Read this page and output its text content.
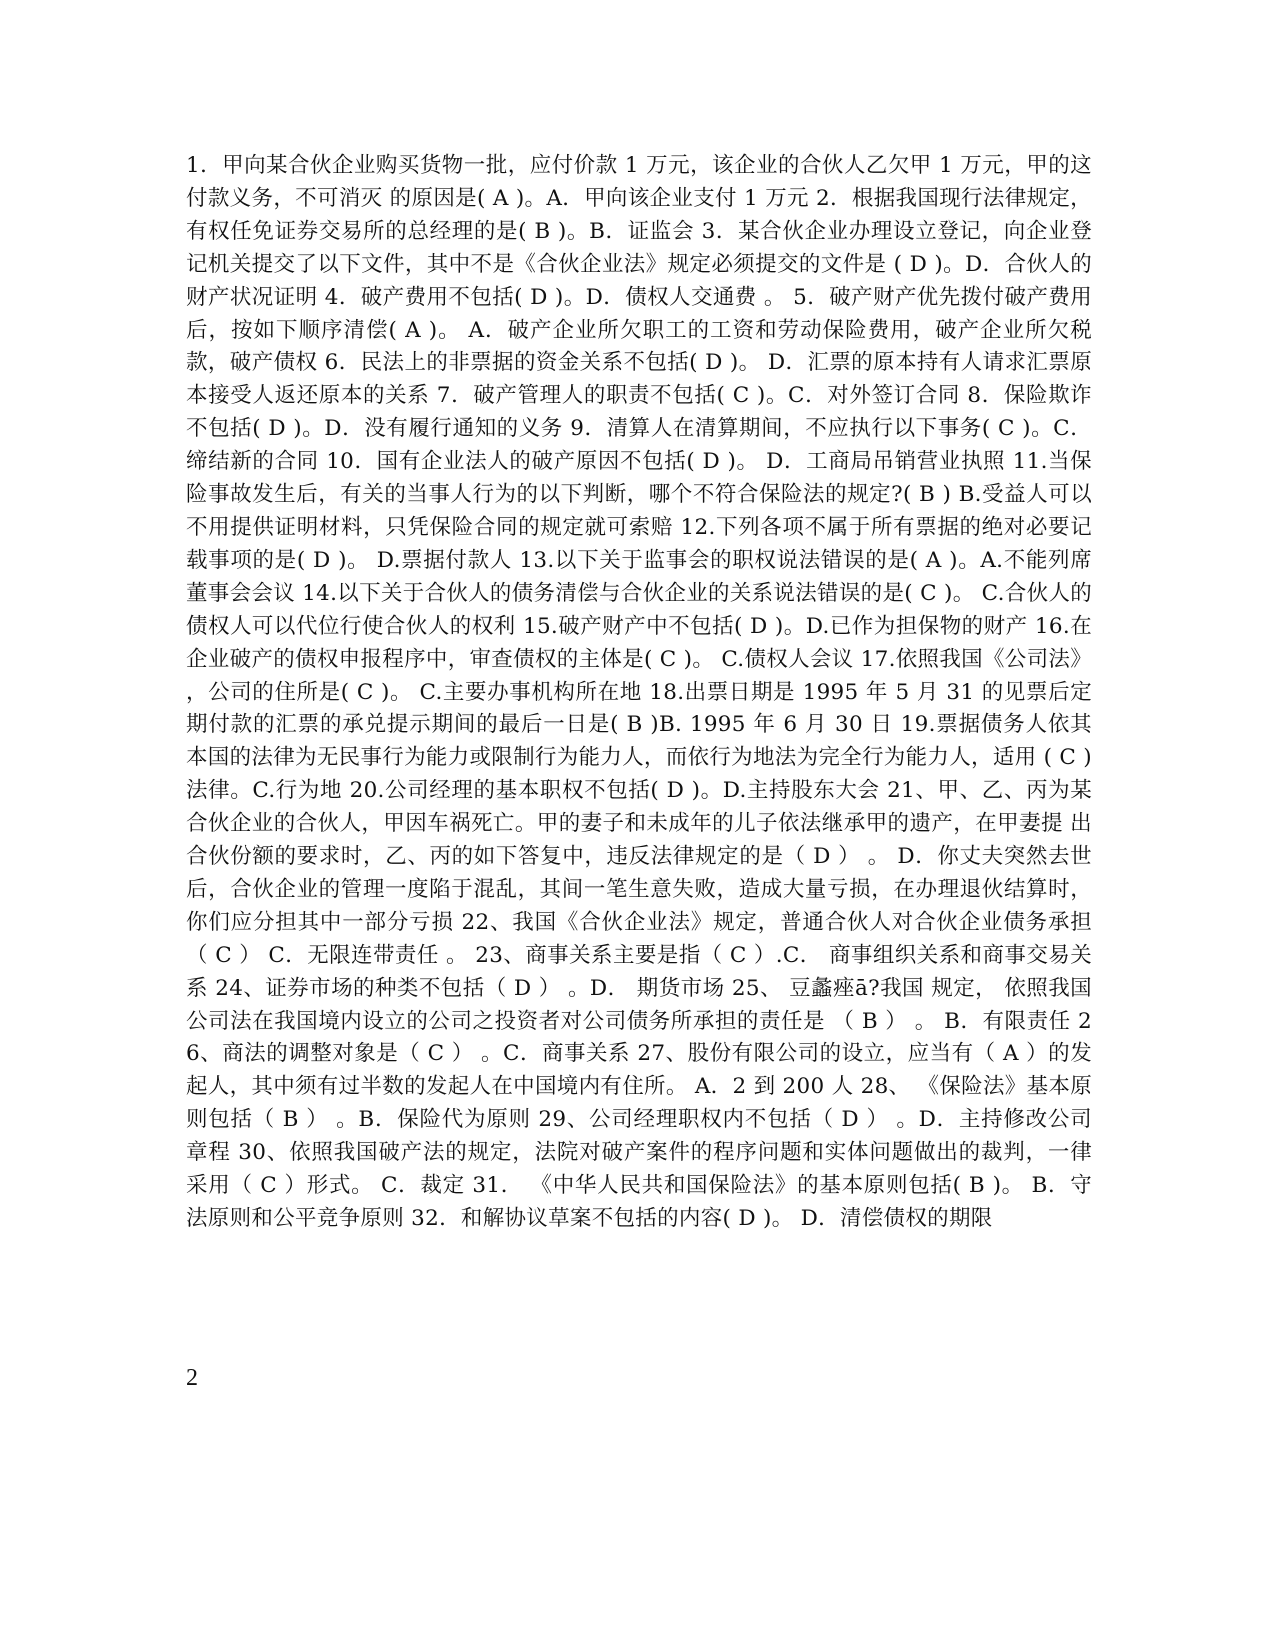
1．甲向某合伙企业购买货物一批，应付价款 1 万元，该企业的合伙人乙欠甲 1 万元，甲的这付款义务，不可消灭 的原因是( A )。A．甲向该企业支付 1 万元 2．根据我国现行法律规定，有权任免证券交易所的总经理的是( B )。B．证监会 3．某合伙企业办理设立登记，向企业登记机关提交了以下文件，其中不是《合伙企业法》规定必须提交的文件是 ( D )。D．合伙人的财产状况证明 4．破产费用不包括( D )。D．债权人交通费 。 5．破产财产优先拨付破产费用后，按如下顺序清偿( A )。 A．破产企业所欠职工的工资和劳动保险费用，破产企业所欠税款，破产债权 6．民法上的非票据的资金关系不包括( D )。 D．汇票的原本持有人请求汇票原本接受人返还原本的关系 7．破产管理人的职责不包括( C )。C．对外签订合同 8．保险欺诈不包括( D )。D．没有履行通知的义务 9．清算人在清算期间，不应执行以下事务( C )。C．缔结新的合同 10．国有企业法人的破产原因不包括( D )。 D．工商局吊销营业执照 11.当保险事故发生后，有关的当事人行为的以下判断，哪个不符合保险法的规定?( B ) B.受益人可以不用提供证明材料，只凭保险合同的规定就可索赔 12.下列各项不属于所有票据的绝对必要记载事项的是( D )。 D.票据付款人 13.以下关于监事会的职权说法错误的是( A )。A.不能列席董事会会议 14.以下关于合伙人的债务清偿与合伙企业的关系说法错误的是( C )。 C.合伙人的债权人可以代位行使合伙人的权利 15.破产财产中不包括( D )。D.已作为担保物的财产 16.在企业破产的债权申报程序中，审查债权的主体是( C )。 C.债权人会议 17.依照我国《公司法》 ，公司的住所是( C )。 C.主要办事机构所在地 18.出票日期是 1995 年 5 月 31 的见票后定期付款的汇票的承兑提示期间的最后一日是( B )B. 1995 年 6 月 30 日 19.票据债务人依其本国的法律为无民事行为能力或限制行为能力人，而依行为地法为完全行为能力人，适用 ( C )法律。C.行为地 20.公司经理的基本职权不包括( D )。D.主持股东大会 21、甲、乙、丙为某合伙企业的合伙人，甲因车祸死亡。甲的妻子和未成年的儿子依法继承甲的遗产，在甲妻提 出合伙份额的要求时，乙、丙的如下答复中，违反法律规定的是（ D ） 。 D．你丈夫突然去世后，合伙企业的管理一度陷于混乱，其间一笔生意失败，造成大量亏损，在办理退伙结算时， 你们应分担其中一部分亏损 22、我国《合伙企业法》规定，普通合伙人对合伙企业债务承担（ C ） C．无限连带责任 。 23、商事关系主要是指（ C ）.C． 商事组织关系和商事交易关系 24、证券市场的种类不包括（ D ） 。D． 期货市场 25、 豆蠡痤ā?我国 规定， 依照我国公司法在我国境内设立的公司之投资者对公司债务所承担的责任是 （ B ） 。 B．有限责任 26、商法的调整对象是（ C ） 。C．商事关系 27、股份有限公司的设立，应当有（ A ）的发起人，其中须有过半数的发起人在中国境内有住所。 A．2 到 200 人 28、 《保险法》基本原则包括（ B ） 。B．保险代为原则 29、公司经理职权内不包括（ D ） 。D．主持修改公司章程 30、依照我国破产法的规定，法院对破产案件的程序问题和实体问题做出的裁判，一律采用（ C ）形式。 C．裁定 31． 《中华人民共和国保险法》的基本原则包括( B )。 B．守法原则和公平竞争原则 32．和解协议草案不包括的内容( D )。 D．清偿债权的期限
2
